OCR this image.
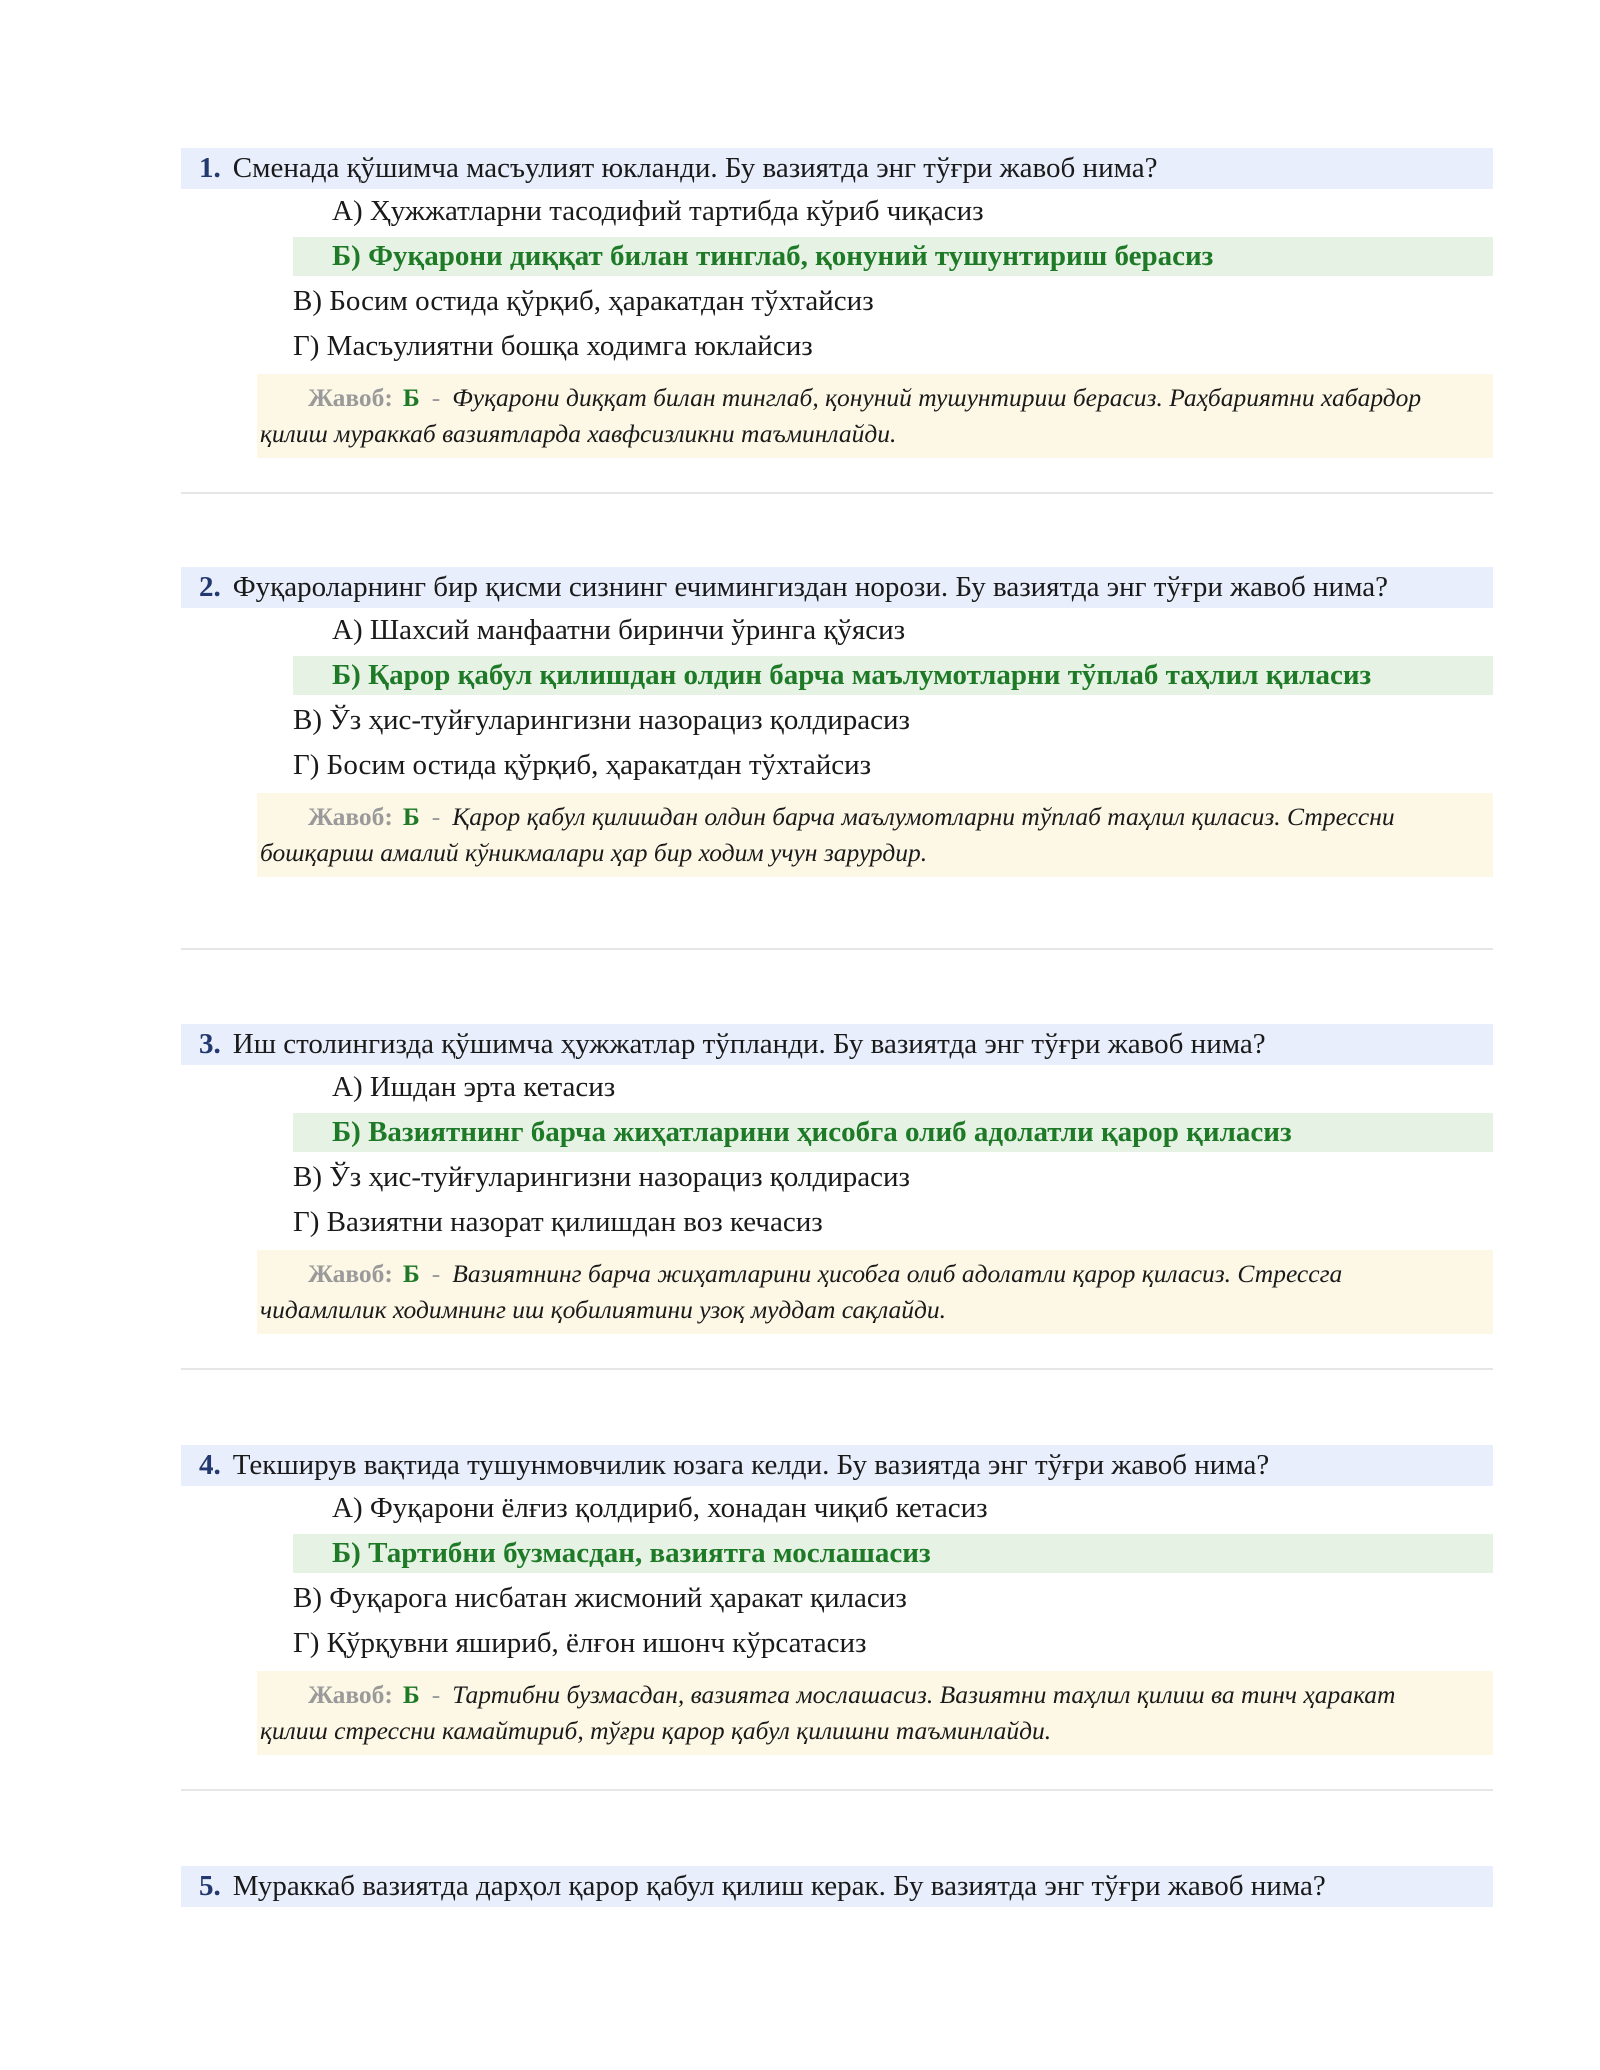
1. Сменада қўшимча масъулият юкланди. Бу вазиятда энг тўғри жавоб нима?
А) Ҳужжатларни тасодифий тартибда кўриб чиқасиз
Б) Фуқарони диққат билан тинглаб, қонуний тушунтириш берасиз
В) Босим остида қўрқиб, ҳаракатдан тўхтайсиз
Г) Масъулиятни бошқа ходимга юклайсиз
Жавоб: Б - Фуқарони диққат билан тинглаб, қонуний тушунтириш берасиз. Раҳбариятни хабардор қилиш мураккаб вазиятларда хавфсизликни таъминлайди.
2. Фуқароларнинг бир қисми сизнинг ечимингиздан норози. Бу вазиятда энг тўғри жавоб нима?
А) Шахсий манфаатни биринчи ўринга қўясиз
Б) Қарор қабул қилишдан олдин барча маълумотларни тўплаб таҳлил қиласиз
В) Ўз ҳис-туйғуларингизни назорациз қолдирасиз
Г) Босим остида қўрқиб, ҳаракатдан тўхтайсиз
Жавоб: Б - Қарор қабул қилишдан олдин барча маълумотларни тўплаб таҳлил қиласиз. Стрессни бошқариш амалий кўникмалари ҳар бир ходим учун зарурдир.
3. Иш столингизда қўшимча ҳужжатлар тўпланди. Бу вазиятда энг тўғри жавоб нима?
А) Ишдан эрта кетасиз
Б) Вазиятнинг барча жиҳатларини ҳисобга олиб адолатли қарор қиласиз
В) Ўз ҳис-туйғуларингизни назорациз қолдирасиз
Г) Вазиятни назорат қилишдан воз кечасиз
Жавоб: Б - Вазиятнинг барча жиҳатларини ҳисобга олиб адолатли қарор қиласиз. Стрессга чидамлилик ходимнинг иш қобилиятини узоқ муддат сақлайди.
4. Текширув вақтида тушунмовчилик юзага келди. Бу вазиятда энг тўғри жавоб нима?
А) Фуқарони ёлғиз қолдириб, хонадан чиқиб кетасиз
Б) Тартибни бузмасдан, вазиятга мослашасиз
В) Фуқарога нисбатан жисмоний ҳаракат қиласиз
Г) Қўрқувни яшириб, ёлғон ишонч кўрсатасиз
Жавоб: Б - Тартибни бузмасдан, вазиятга мослашасиз. Вазиятни таҳлил қилиш ва тинч ҳаракат қилиш стрессни камайтириб, тўғри қарор қабул қилишни таъминлайди.
5. Мураккаб вазиятда дарҳол қарор қабул қилиш керак. Бу вазиятда энг тўғри жавоб нима?
